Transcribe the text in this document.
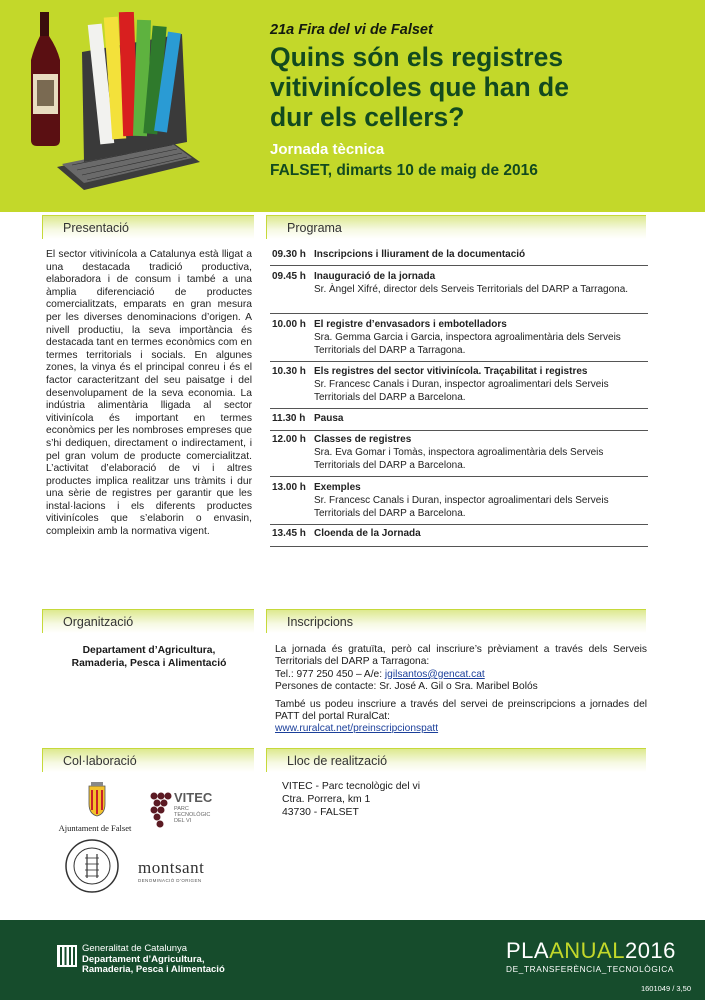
21a Fira del vi de Falset
Quins són els registres
vitivinícoles que han de
dur els cellers?
Jornada tècnica
FALSET, dimarts 10 de maig de 2016
Presentació	Programa
Organització	Inscripcions
Col·laboració	Lloc de realització
El sector vitivinícola a Catalunya està lligat a una destacada tradició productiva, elaboradora i de consum i també a una àmplia diferenciació de productes comercialitzats, emparats en gran mesura per les diverses denominacions d’origen. A nivell productiu, la seva importància és destacada tant en termes econòmics com en termes territorials i socials. En algunes zones, la vinya és el principal conreu i és el factor caracteritzant del seu paisatge i del desenvolupament de la seva economia. La indústria alimentària lligada al sector vitivinícola és important en termes econòmics per les nombroses empreses que s’hi dediquen, directament o indirectament, i pel gran volum de producte comercialitzat. L’activitat d’elaboració de vi i altres productes implica realitzar uns tràmits i dur una sèrie de registres per garantir que les instal·lacions i els diferents productes vitivinícoles que s’elaborin o envasin, compleixin amb la normativa vigent.
09.30 h Inscripcions i lliurament de la documentació
09.45 h Inauguració de la jornada
Sr. Àngel Xifré, director dels Serveis Territorials del DARP a Tarragona.
10.00 h El registre d’envasadors i embotelladors
Sra. Gemma Garcia i Garcia, inspectora agroalimentària dels Serveis Territorials del DARP a Tarragona.
10.30 h Els registres del sector vitivinícola. Traçabilitat i registres
Sr. Francesc Canals i Duran, inspector agroalimentari dels Serveis Territorials del DARP a Barcelona.
11.30 h Pausa
12.00 h Classes de registres
Sra. Eva Gomar i Tomàs, inspectora agroalimentària dels Serveis Territorials del DARP a Barcelona.
13.00 h Exemples
Sr. Francesc Canals i Duran, inspector agroalimentari dels Serveis Territorials del DARP a Barcelona.
13.45 h Cloenda de la Jornada
Departament d’Agricultura,
Ramaderia, Pesca i Alimentació
La jornada és gratuïta, però cal inscriure’s prèviament a través dels Serveis Territorials del DARP a Tarragona:
Tel.: 977 250 450 – A/e: jgilsantos@gencat.cat
Persones de contacte: Sr. José A. Gil o Sra. Maribel Bolós
També us podeu inscriure a través del servei de preinscripcions a jornades del PATT del portal RuralCat:
www.ruralcat.net/preinscripcionspatt
Ajuntament de Falset
VITEC
PARC
TECNOLÒGIC
DEL VI
montsant
DENOMINACIÓ D’ORIGEN
VITEC - Parc tecnològic del vi
Ctra. Porrera, km 1
43730 - FALSET
Generalitat de Catalunya
Departament d’Agricultura,
Ramaderia, Pesca i Alimentació
PLAANUAL2016
DE_TRANSFERÈNCIA_TECNOLÒGICA
1601049 / 3,50
